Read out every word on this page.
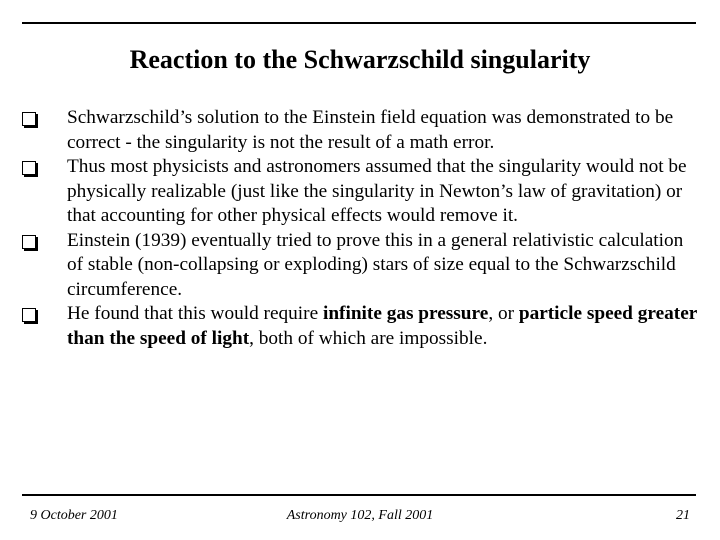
Reaction to the Schwarzschild singularity
Schwarzschild’s solution to the Einstein field equation was demonstrated to be correct - the singularity is not the result of a math error.
Thus most physicists and astronomers assumed that the singularity would not be physically realizable (just like the singularity in Newton’s law of gravitation) or that accounting for other physical effects would remove it.
Einstein (1939) eventually tried to prove this in a general relativistic calculation of stable (non-collapsing or exploding) stars of size equal to the Schwarzschild circumference.
He found that this would require infinite gas pressure, or particle speed greater than the speed of light, both of which are impossible.
9 October 2001	Astronomy 102, Fall 2001	21
